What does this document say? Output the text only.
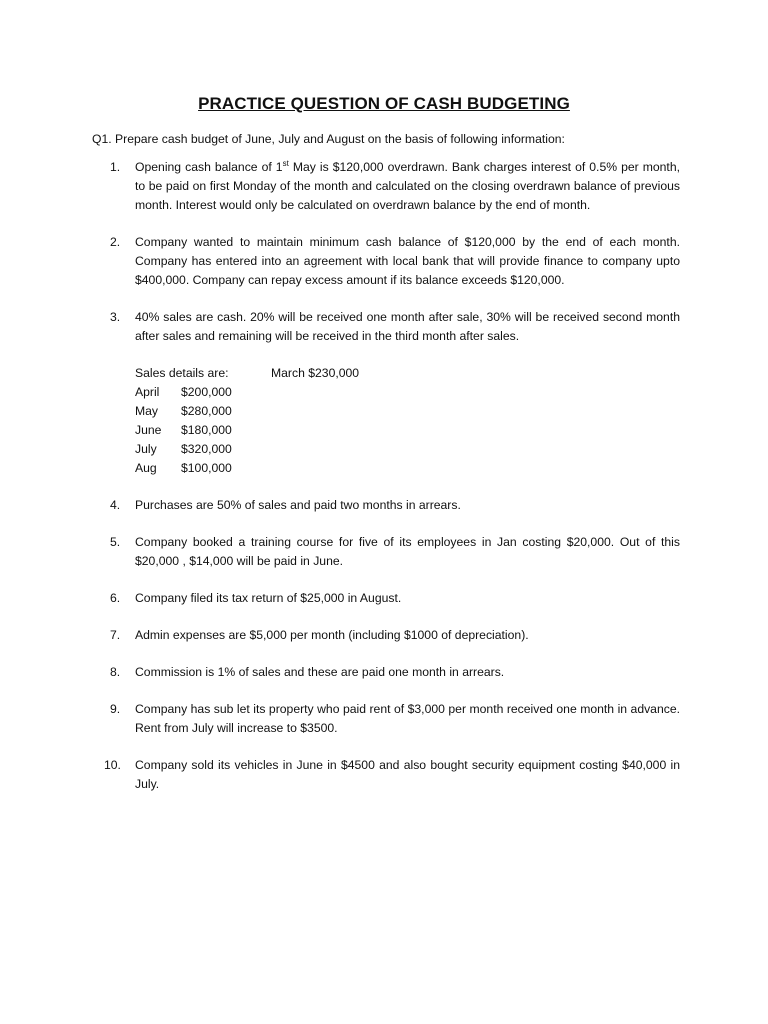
PRACTICE QUESTION OF CASH BUDGETING
Q1. Prepare cash budget of June, July and August on the basis of following information:
1.	Opening cash balance of 1st May is $120,000 overdrawn. Bank charges interest of 0.5% per month, to be paid on first Monday of the month and calculated on the closing overdrawn balance of previous month. Interest would only be calculated on overdrawn balance by the end of month.
2.	Company wanted to maintain minimum cash balance of $120,000 by the end of each month. Company has entered into an agreement with local bank that will provide finance to company upto $400,000. Company can repay excess amount if its balance exceeds $120,000.
3.	40% sales are cash. 20% will be received one month after sale, 30% will be received second month after sales and remaining will be received in the third month after sales.
Sales details are:	March $230,000
April	$200,000
May	$280,000
June	$180,000
July	$320,000
Aug	$100,000
4.	Purchases are 50% of sales and paid two months in arrears.
5.	Company booked a training course for five of its employees in Jan costing $20,000. Out of this $20,000 , $14,000 will be paid in June.
6.	Company filed its tax return of $25,000 in August.
7.	Admin expenses are $5,000 per month (including $1000 of depreciation).
8.	Commission is 1% of sales and these are paid one month in arrears.
9.	Company has sub let its property who paid rent of $3,000 per month received one month in advance. Rent from July will increase to $3500.
10.	Company sold its vehicles in June in $4500 and also bought security equipment costing $40,000 in July.
